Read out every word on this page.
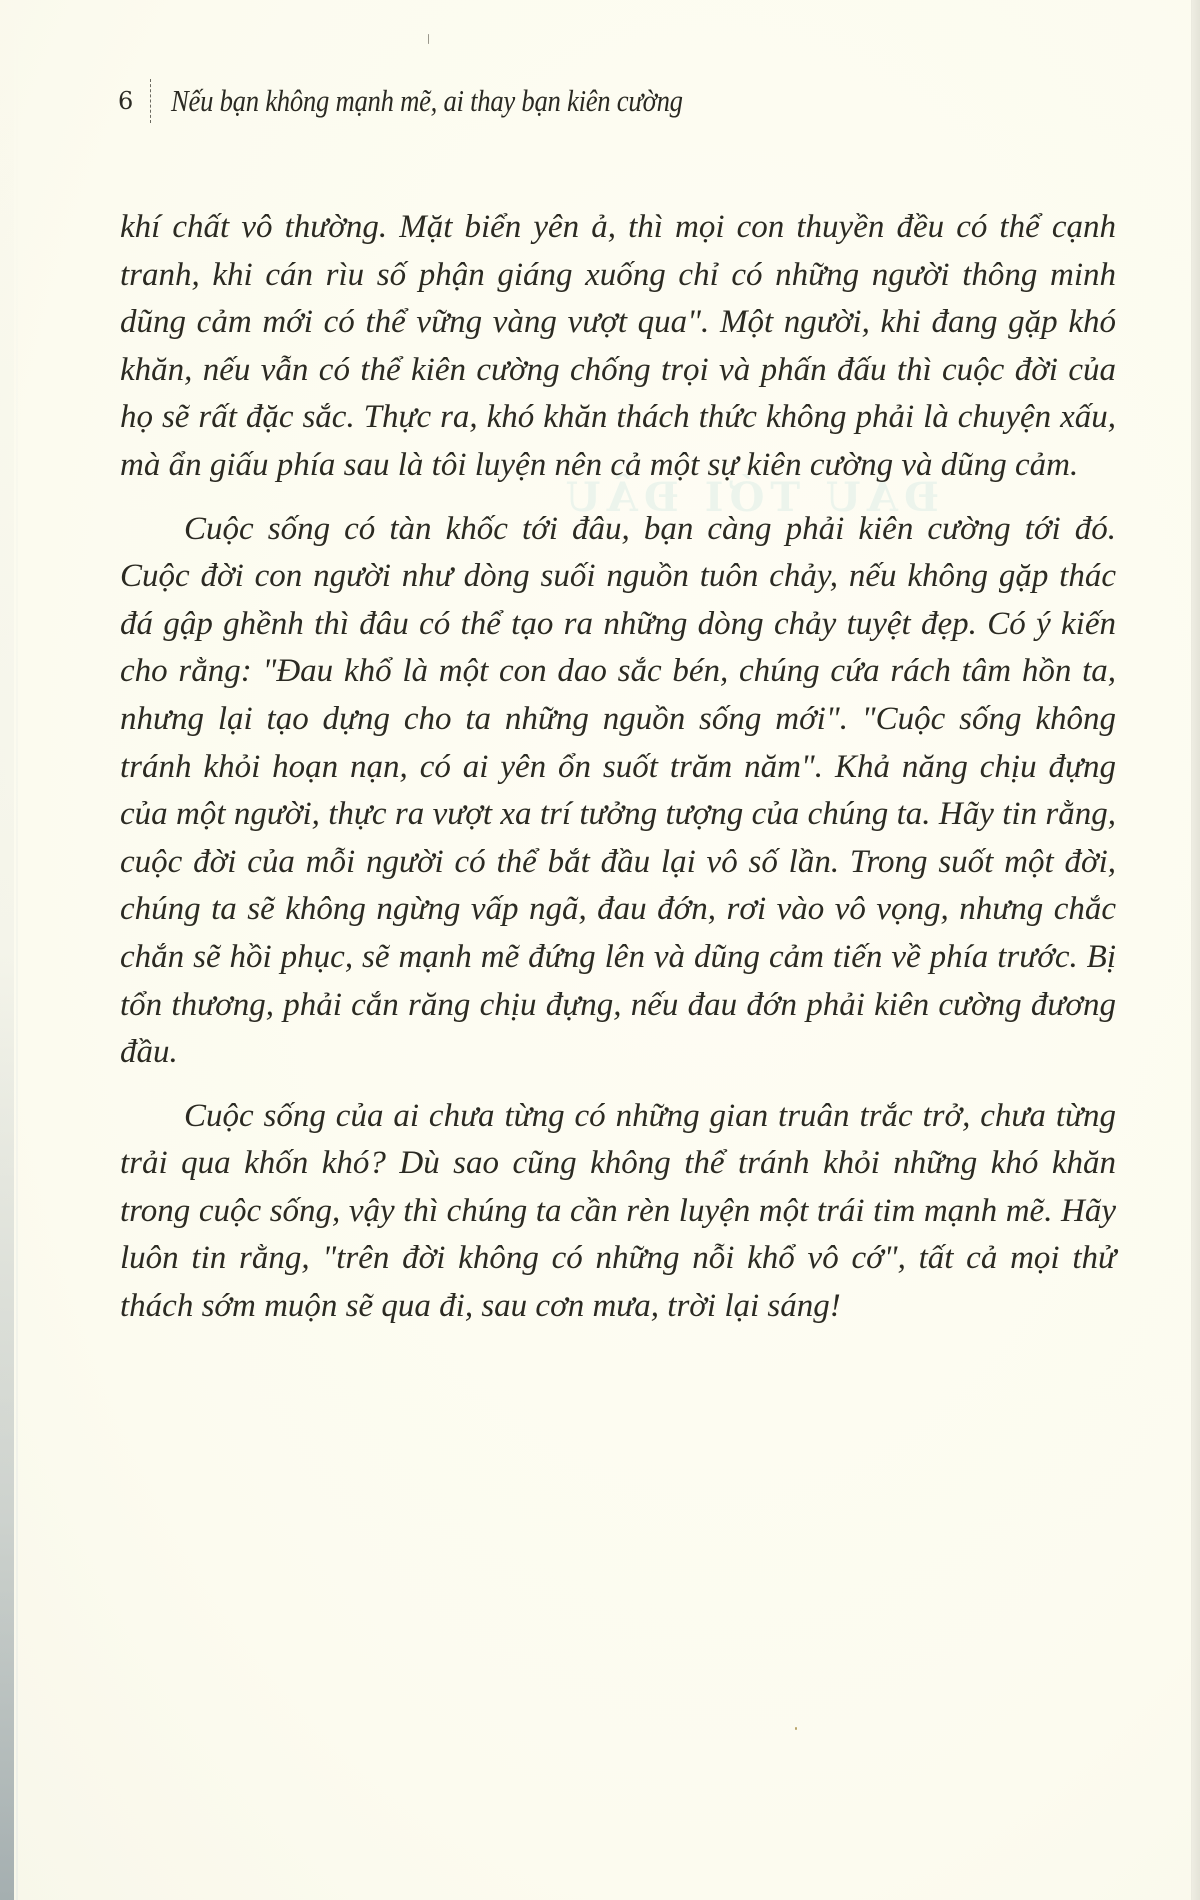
ĐAU TỚI ĐÂU
6 Nếu bạn không mạnh mẽ, ai thay bạn kiên cường

khí chất vô thường. Mặt biển yên ả, thì mọi con thuyền đều có thể cạnh tranh, khi cán rìu số phận giáng xuống chỉ có những người thông minh dũng cảm mới có thể vững vàng vượt qua". Một người, khi đang gặp khó khăn, nếu vẫn có thể kiên cường chống trọi và phấn đấu thì cuộc đời của họ sẽ rất đặc sắc. Thực ra, khó khăn thách thức không phải là chuyện xấu, mà ẩn giấu phía sau là tôi luyện nên cả một sự kiên cường và dũng cảm.

Cuộc sống có tàn khốc tới đâu, bạn càng phải kiên cường tới đó. Cuộc đời con người như dòng suối nguồn tuôn chảy, nếu không gặp thác đá gập ghềnh thì đâu có thể tạo ra những dòng chảy tuyệt đẹp. Có ý kiến cho rằng: "Đau khổ là một con dao sắc bén, chúng cứa rách tâm hồn ta, nhưng lại tạo dựng cho ta những nguồn sống mới". "Cuộc sống không tránh khỏi hoạn nạn, có ai yên ổn suốt trăm năm". Khả năng chịu đựng của một người, thực ra vượt xa trí tưởng tượng của chúng ta. Hãy tin rằng, cuộc đời của mỗi người có thể bắt đầu lại vô số lần. Trong suốt một đời, chúng ta sẽ không ngừng vấp ngã, đau đớn, rơi vào vô vọng, nhưng chắc chắn sẽ hồi phục, sẽ mạnh mẽ đứng lên và dũng cảm tiến về phía trước. Bị tổn thương, phải cắn răng chịu đựng, nếu đau đớn phải kiên cường đương đầu.

Cuộc sống của ai chưa từng có những gian truân trắc trở, chưa từng trải qua khốn khó? Dù sao cũng không thể tránh khỏi những khó khăn trong cuộc sống, vậy thì chúng ta cần rèn luyện một trái tim mạnh mẽ. Hãy luôn tin rằng, "trên đời không có những nỗi khổ vô cớ", tất cả mọi thử thách sớm muộn sẽ qua đi, sau cơn mưa, trời lại sáng!
